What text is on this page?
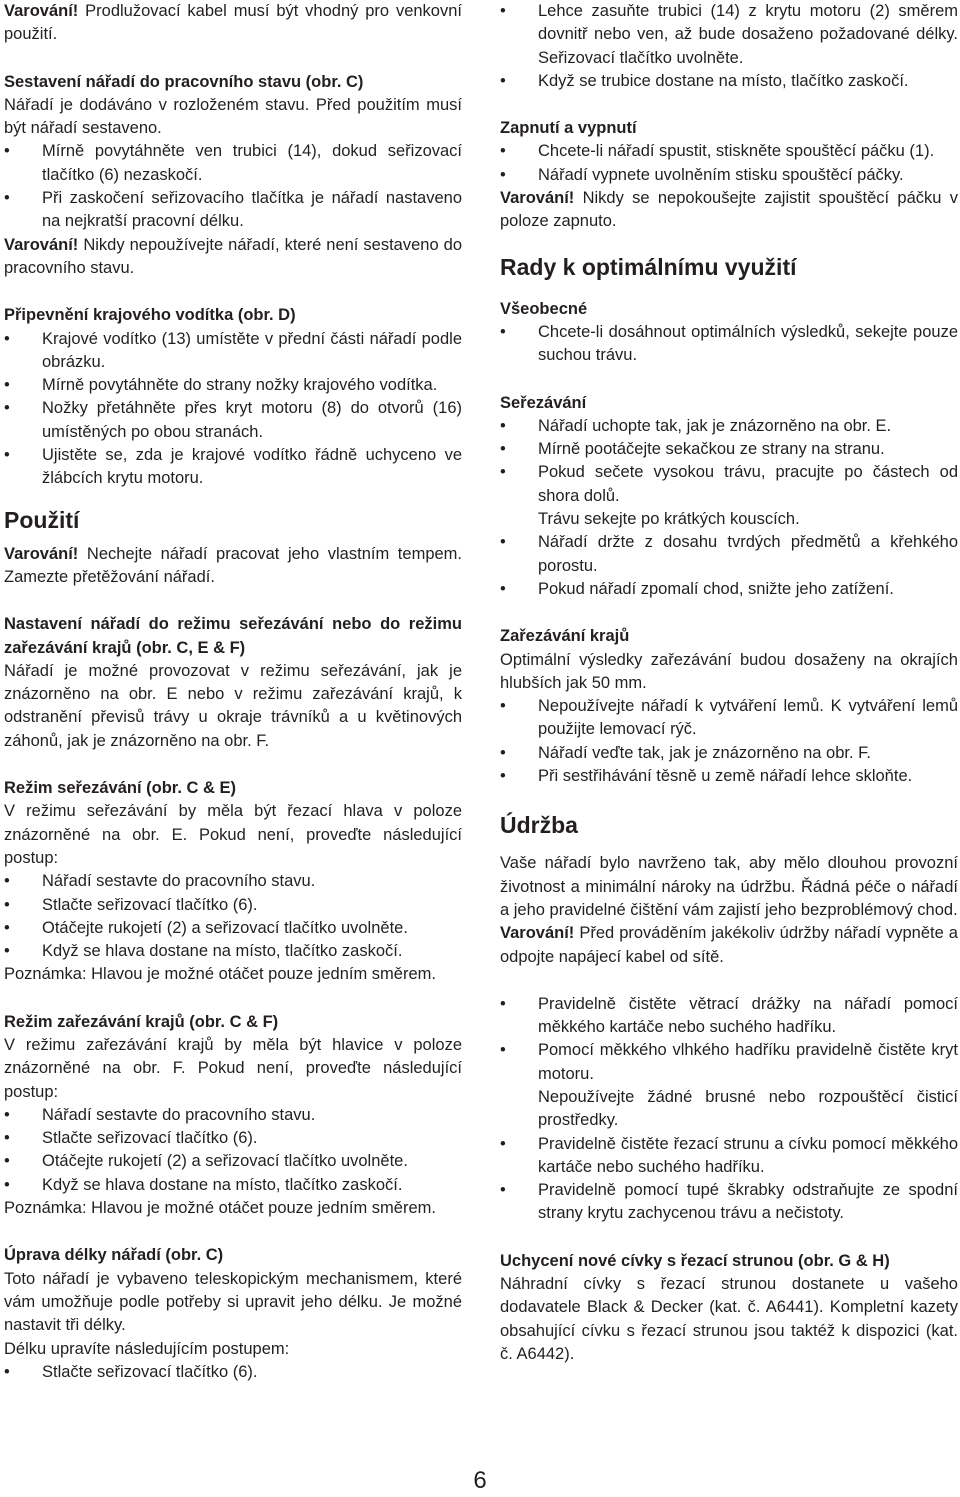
Varování! Prodlužovací kabel musí být vhodný pro venkovní použití.

Sestavení nářadí do pracovního stavu (obr. C)

Nářadí je dodáváno v rozloženém stavu. Před použitím musí být nářadí sestaveno.

• Mírně povytáhněte ven trubici (14), dokud seřizovací tlačítko (6) nezaskočí.
• Při zaskočení seřizovacího tlačítka je nářadí nastaveno na nejkratší pracovní délku.

Varování! Nikdy nepoužívejte nářadí, které není sestaveno do pracovního stavu.

Připevnění krajového vodítka (obr. D)

• Krajové vodítko (13) umístěte v přední části nářadí podle obrázku.
• Mírně povytáhněte do strany nožky krajového vodítka.
• Nožky přetáhněte přes kryt motoru (8) do otvorů (16) umístěných po obou stranách.
• Ujistěte se, zda je krajové vodítko řádně uchyceno ve žlábcích krytu motoru.

Použití

Varování! Nechejte nářadí pracovat jeho vlastním tempem. Zamezte přetěžování nářadí.

Nastavení nářadí do režimu seřezávání nebo do režimu zařezávání krajů (obr. C, E & F)

Nářadí je možné provozovat v režimu seřezávání, jak je znázorněno na obr. E nebo v režimu zařezávání krajů, k odstranění převisů trávy u okraje trávníků a u květinových záhonů, jak je znázorněno na obr. F.

Režim seřezávání (obr. C & E)

V režimu seřezávání by měla být řezací hlava v poloze znázorněné na obr. E. Pokud není, proveďte následující postup:

• Nářadí sestavte do pracovního stavu.
• Stlačte seřizovací tlačítko (6).
• Otáčejte rukojetí (2) a seřizovací tlačítko uvolněte.
• Když se hlava dostane na místo, tlačítko zaskočí.

Poznámka: Hlavou je možné otáčet pouze jedním směrem.

Režim zařezávání krajů (obr. C & F)

V režimu zařezávání krajů by měla být hlavice v poloze znázorněné na obr. F. Pokud není, proveďte následující postup:

• Nářadí sestavte do pracovního stavu.
• Stlačte seřizovací tlačítko (6).
• Otáčejte rukojetí (2) a seřizovací tlačítko uvolněte.
• Když se hlava dostane na místo, tlačítko zaskočí.

Poznámka: Hlavou je možné otáčet pouze jedním směrem.

Úprava délky nářadí (obr. C)

Toto nářadí je vybaveno teleskopickým mechanismem, které vám umožňuje podle potřeby si upravit jeho délku. Je možné nastavit tři délky.

Délku upravíte následujícím postupem:

• Stlačte seřizovací tlačítko (6).
• Lehce zasuňte trubici (14) z krytu motoru (2) směrem dovnitř nebo ven, až bude dosaženo požadované délky. Seřizovací tlačítko uvolněte.
• Když se trubice dostane na místo, tlačítko zaskočí.

Zapnutí a vypnutí

• Chcete-li nářadí spustit, stiskněte spouštěcí páčku (1).
• Nářadí vypnete uvolněním stisku spouštěcí páčky.

Varování! Nikdy se nepokoušejte zajistit spouštěcí páčku v poloze zapnuto.

Rady k optimálnímu využití

Všeobecné

• Chcete-li dosáhnout optimálních výsledků, sekejte pouze suchou trávu.

Seřezávání

• Nářadí uchopte tak, jak je znázorněno na obr. E.
• Mírně pootáčejte sekačkou ze strany na stranu.
• Pokud sečete vysokou trávu, pracujte po částech od shora dolů.

Trávu sekejte po krátkých kouscích.

• Nářadí držte z dosahu tvrdých předmětů a křehkého porostu.
• Pokud nářadí zpomalí chod, snižte jeho zatížení.

Zařezávání krajů

Optimální výsledky zařezávání budou dosaženy na okrajích hlubších jak 50 mm.

• Nepoužívejte nářadí k vytváření lemů. K vytváření lemů použijte lemovací rýč.
• Nářadí veďte tak, jak je znázorněno na obr. F.
• Při sestřihávání těsně u země nářadí lehce skloňte.

Údržba

Vaše nářadí bylo navrženo tak, aby mělo dlouhou provozní životnost a minimální nároky na údržbu. Řádná péče o nářadí a jeho pravidelné čištění vám zajistí jeho bezproblémový chod.

Varování! Před prováděním jakékoliv údržby nářadí vypněte a odpojte napájecí kabel od sítě.

• Pravidelně čistěte větrací drážky na nářadí pomocí měkkého kartáče nebo suchého hadříku.
• Pomocí měkkého vlhkého hadříku pravidelně čistěte kryt motoru.

Nepoužívejte žádné brusné nebo rozpouštěcí čisticí prostředky.

• Pravidelně čistěte řezací strunu a cívku pomocí měkkého kartáče nebo suchého hadříku.
• Pravidelně pomocí tupé škrabky odstraňujte ze spodní strany krytu zachycenou trávu a nečistoty.

Uchycení nové cívky s řezací strunou (obr. G & H)

Náhradní cívky s řezací strunou dostanete u vašeho dodavatele Black & Decker (kat. č. A6441). Kompletní kazety obsahující cívku s řezací strunou jsou taktéž k dispozici (kat. č. A6442).

6
